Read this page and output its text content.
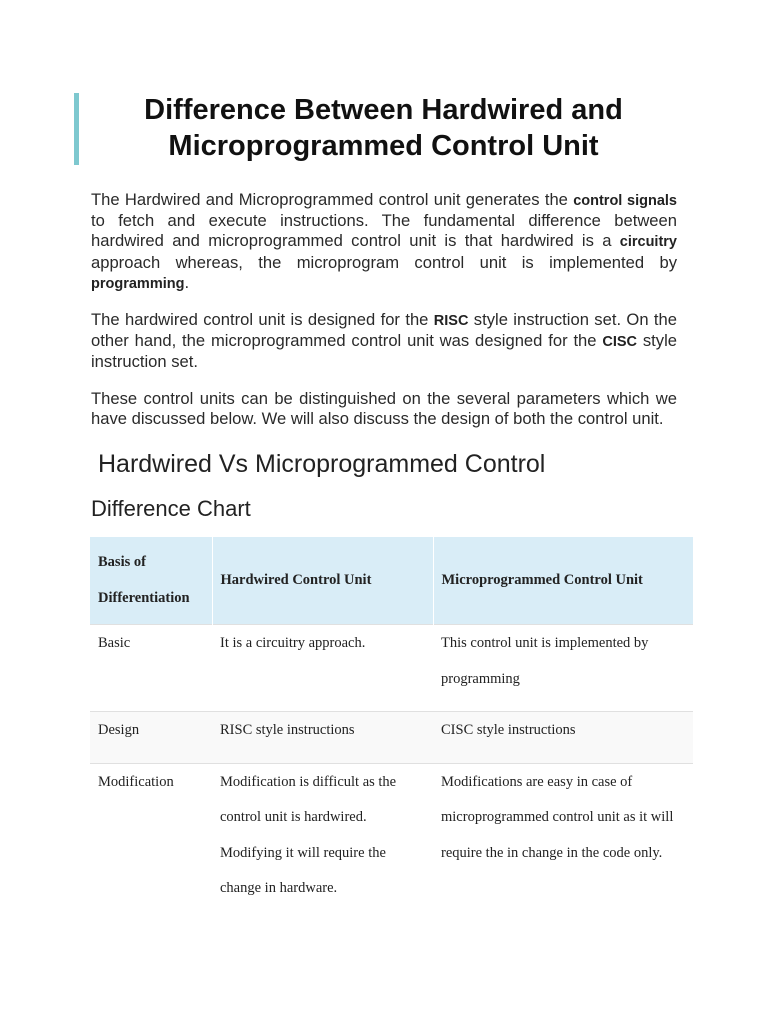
Difference Between Hardwired and Microprogrammed Control Unit

The Hardwired and Microprogrammed control unit generates the control signals to fetch and execute instructions. The fundamental difference between hardwired and microprogrammed control unit is that hardwired is a circuitry approach whereas, the microprogram control unit is implemented by programming.

The hardwired control unit is designed for the RISC style instruction set. On the other hand, the microprogrammed control unit was designed for the CISC style instruction set.

These control units can be distinguished on the several parameters which we have discussed below. We will also discuss the design of both the control unit.

Hardwired Vs Microprogrammed Control
Difference Chart
Basis of Differentiation	Hardwired Control Unit	Microprogrammed Control Unit
Basic	It is a circuitry approach.	This control unit is implemented by programming
Design	RISC style instructions	CISC style instructions
Modification	Modification is difficult as the control unit is hardwired. Modifying it will require the change in hardware.	Modifications are easy in case of microprogrammed control unit as it will require the in change in the code only.
